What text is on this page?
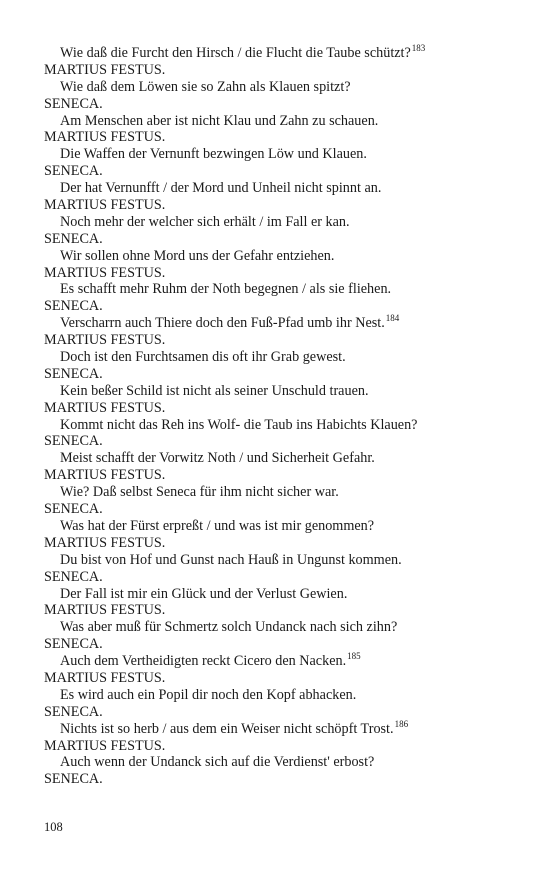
Wie daß die Furcht den Hirsch / die Flucht die Taube schützt?$^{183}$
MARTIUS FESTUS.
Wie daß dem Löwen sie so Zahn als Klauen spitzt?
SENECA.
Am Menschen aber ist nicht Klau und Zahn zu schauen.
MARTIUS FESTUS.
Die Waffen der Vernunft bezwingen Löw und Klauen.
SENECA.
Der hat Vernunfft / der Mord und Unheil nicht spinnt an.
MARTIUS FESTUS.
Noch mehr der welcher sich erhält / im Fall er kan.
SENECA.
Wir sollen ohne Mord uns der Gefahr entziehen.
MARTIUS FESTUS.
Es schafft mehr Ruhm der Noth begegnen / als sie fliehen.
SENECA.
Verscharrn auch Thiere doch den Fuß-Pfad umb ihr Nest.$^{184}$
MARTIUS FESTUS.
Doch ist den Furchtsamen dis oft ihr Grab gewest.
SENECA.
Kein beßer Schild ist nicht als seiner Unschuld trauen.
MARTIUS FESTUS.
Kommt nicht das Reh ins Wolf- die Taub ins Habichts Klauen?
SENECA.
Meist schafft der Vorwitz Noth / und Sicherheit Gefahr.
MARTIUS FESTUS.
Wie? Daß selbst Seneca für ihm nicht sicher war.
SENECA.
Was hat der Fürst erpreßt / und was ist mir genommen?
MARTIUS FESTUS.
Du bist von Hof und Gunst nach Hauß in Ungunst kommen.
SENECA.
Der Fall ist mir ein Glück und der Verlust Gewien.
MARTIUS FESTUS.
Was aber muß für Schmertz solch Undanck nach sich zihn?
SENECA.
Auch dem Vertheidigten reckt Cicero den Nacken.$^{185}$
MARTIUS FESTUS.
Es wird auch ein Popil dir noch den Kopf abhacken.
SENECA.
Nichts ist so herb / aus dem ein Weiser nicht schöpft Trost.$^{186}$
MARTIUS FESTUS.
Auch wenn der Undanck sich auf die Verdienst' erbost?
SENECA.
108
